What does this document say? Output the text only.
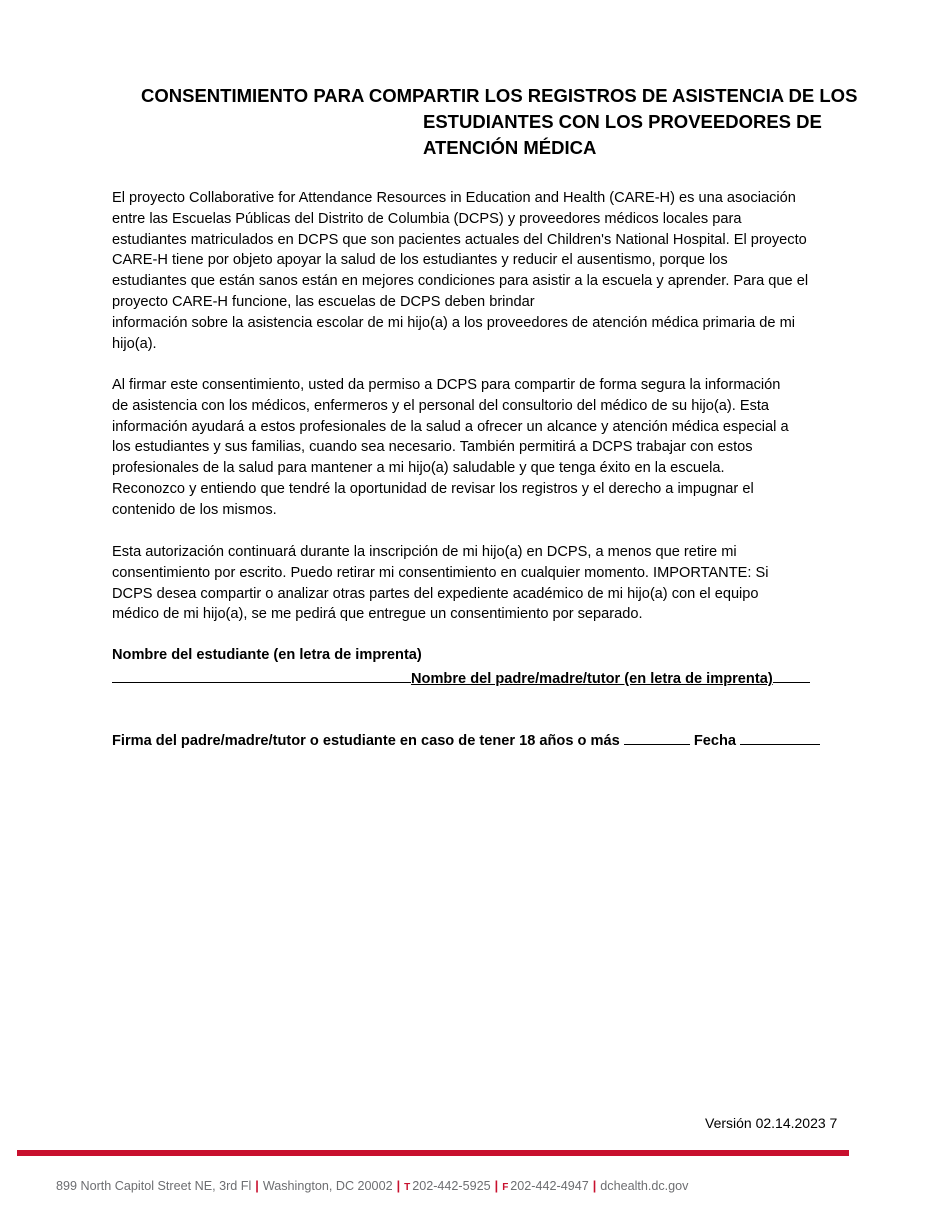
CONSENTIMIENTO PARA COMPARTIR LOS REGISTROS DE ASISTENCIA DE LOS
ESTUDIANTES CON LOS PROVEEDORES DE
ATENCIÓN MÉDICA
El proyecto Collaborative for Attendance Resources in Education and Health (CARE-H) es una asociación
entre las Escuelas Públicas del Distrito de Columbia (DCPS) y proveedores médicos locales para
estudiantes matriculados en DCPS que son pacientes actuales del Children's National Hospital. El proyecto
CARE-H tiene por objeto apoyar la salud de los estudiantes y reducir el ausentismo, porque los
estudiantes que están sanos están en mejores condiciones para asistir a la escuela y aprender. Para que el
proyecto CARE-H funcione, las escuelas de DCPS deben brindar
información sobre la asistencia escolar de mi hijo(a) a los proveedores de atención médica primaria de mi
hijo(a).
Al firmar este consentimiento, usted da permiso a DCPS para compartir de forma segura la información
de asistencia con los médicos, enfermeros y el personal del consultorio del médico de su hijo(a). Esta
información ayudará a estos profesionales de la salud a ofrecer un alcance y atención médica especial a
los estudiantes y sus familias, cuando sea necesario. También permitirá a DCPS trabajar con estos
profesionales de la salud para mantener a mi hijo(a) saludable y que tenga éxito en la escuela.
Reconozco y entiendo que tendré la oportunidad de revisar los registros y el derecho a impugnar el
contenido de los mismos.
Esta autorización continuará durante la inscripción de mi hijo(a) en DCPS, a menos que retire mi
consentimiento por escrito. Puedo retirar mi consentimiento en cualquier momento. IMPORTANTE: Si
DCPS desea compartir o analizar otras partes del expediente académico de mi hijo(a) con el equipo
médico de mi hijo(a), se me pedirá que entregue un consentimiento por separado.
Nombre del estudiante (en letra de imprenta)
Nombre del padre/madre/tutor (en letra de imprenta)
Firma del padre/madre/tutor o estudiante en caso de tener 18 años o más	Fecha
Versión 02.14.2023 7
899 North Capitol Street NE, 3rd Fl | Washington, DC 20002 | T 202-442-5925 | F 202-442-4947 | dchealth.dc.gov
